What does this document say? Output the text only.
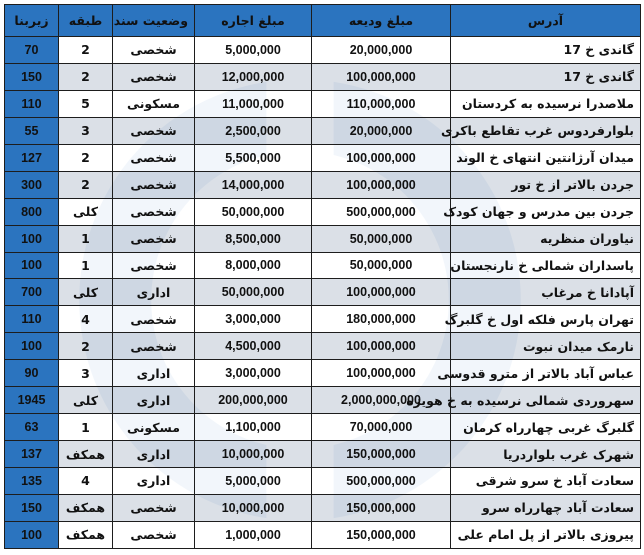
آدرس	مبلغ ودیعه	مبلغ اجاره	وضعیت سند	طبقه	زیربنا
گاندی خ 17	20,000,000	5,000,000	شخصی	2	70
گاندی خ 17	100,000,000	12,000,000	شخصی	2	150
ملاصدرا نرسیده به کردستان	110,000,000	11,000,000	مسکونی	5	110
بلوارفردوس غرب تقاطع باکری	20,000,000	2,500,000	شخصی	3	55
میدان آرژانتین انتهای خ الوند	100,000,000	5,500,000	شخصی	2	127
جردن بالاتر از خ تور	100,000,000	14,000,000	شخصی	2	300
جردن بین مدرس و جهان کودک	500,000,000	50,000,000	شخصی	کلی	800
نیاوران منظریه	50,000,000	8,500,000	شخصی	1	100
پاسداران شمالی خ نارنجستان	50,000,000	8,000,000	شخصی	1	100
آپادانا خ مرغاب	100,000,000	50,000,000	اداری	کلی	700
تهران پارس فلکه اول خ گلبرگ	180,000,000	3,000,000	شخصی	4	110
نارمک میدان نبوت	100,000,000	4,500,000	شخصی	2	100
عباس آباد بالاتر از مترو قدوسی	100,000,000	3,000,000	اداری	3	90
سهروردی شمالی نرسیده به خ هویزه	2,000,000,000	200,000,000	اداری	کلی	1945
گلبرگ غربی چهارراه کرمان	70,000,000	1,100,000	مسکونی	1	63
شهرک غرب بلواردریا	150,000,000	10,000,000	اداری	همکف	137
سعادت آباد خ سرو شرقی	500,000,000	5,000,000	اداری	4	135
سعادت آباد چهارراه سرو	150,000,000	10,000,000	شخصی	همکف	150
پیروزی بالاتر از پل امام علی	150,000,000	1,000,000	شخصی	همکف	100
